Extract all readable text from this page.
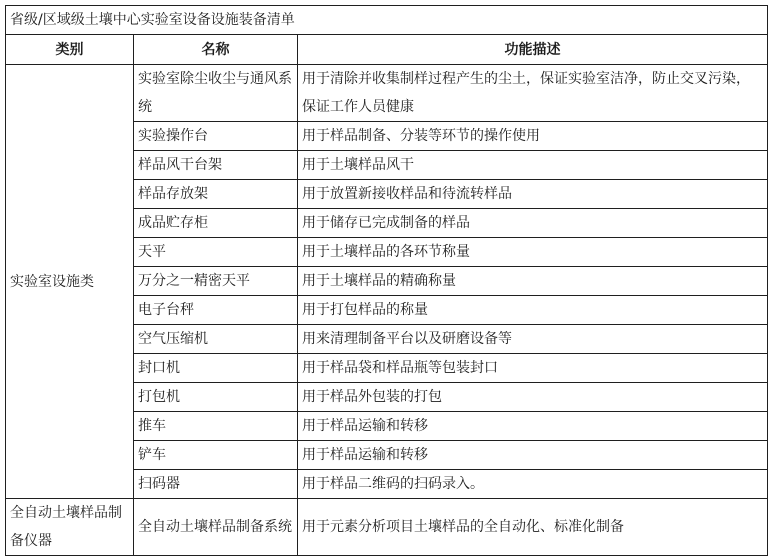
省级/区域级土壤中心实验室设备设施装备清单		
类别	名称	功能描述
实验室设施类	实验室除尘收尘与通风系统	用于清除并收集制样过程产生的尘土，保证实验室洁净，防止交叉污染，保证工作人员健康
	实验操作台	用于样品制备、分装等环节的操作使用
	样品风干台架	用于土壤样品风干
	样品存放架	用于放置新接收样品和待流转样品
	成品贮存柜	用于储存已完成制备的样品
	天平	用于土壤样品的各环节称量
	万分之一精密天平	用于土壤样品的精确称量
	电子台秤	用于打包样品的称量
	空气压缩机	用来清理制备平台以及研磨设备等
	封口机	用于样品袋和样品瓶等包装封口
	打包机	用于样品外包装的打包
	推车	用于样品运输和转移
	铲车	用于样品运输和转移
	扫码器	用于样品二维码的扫码录入。
全自动土壤样品制备仪器	全自动土壤样品制备系统	用于元素分析项目土壤样品的全自动化、标准化制备
